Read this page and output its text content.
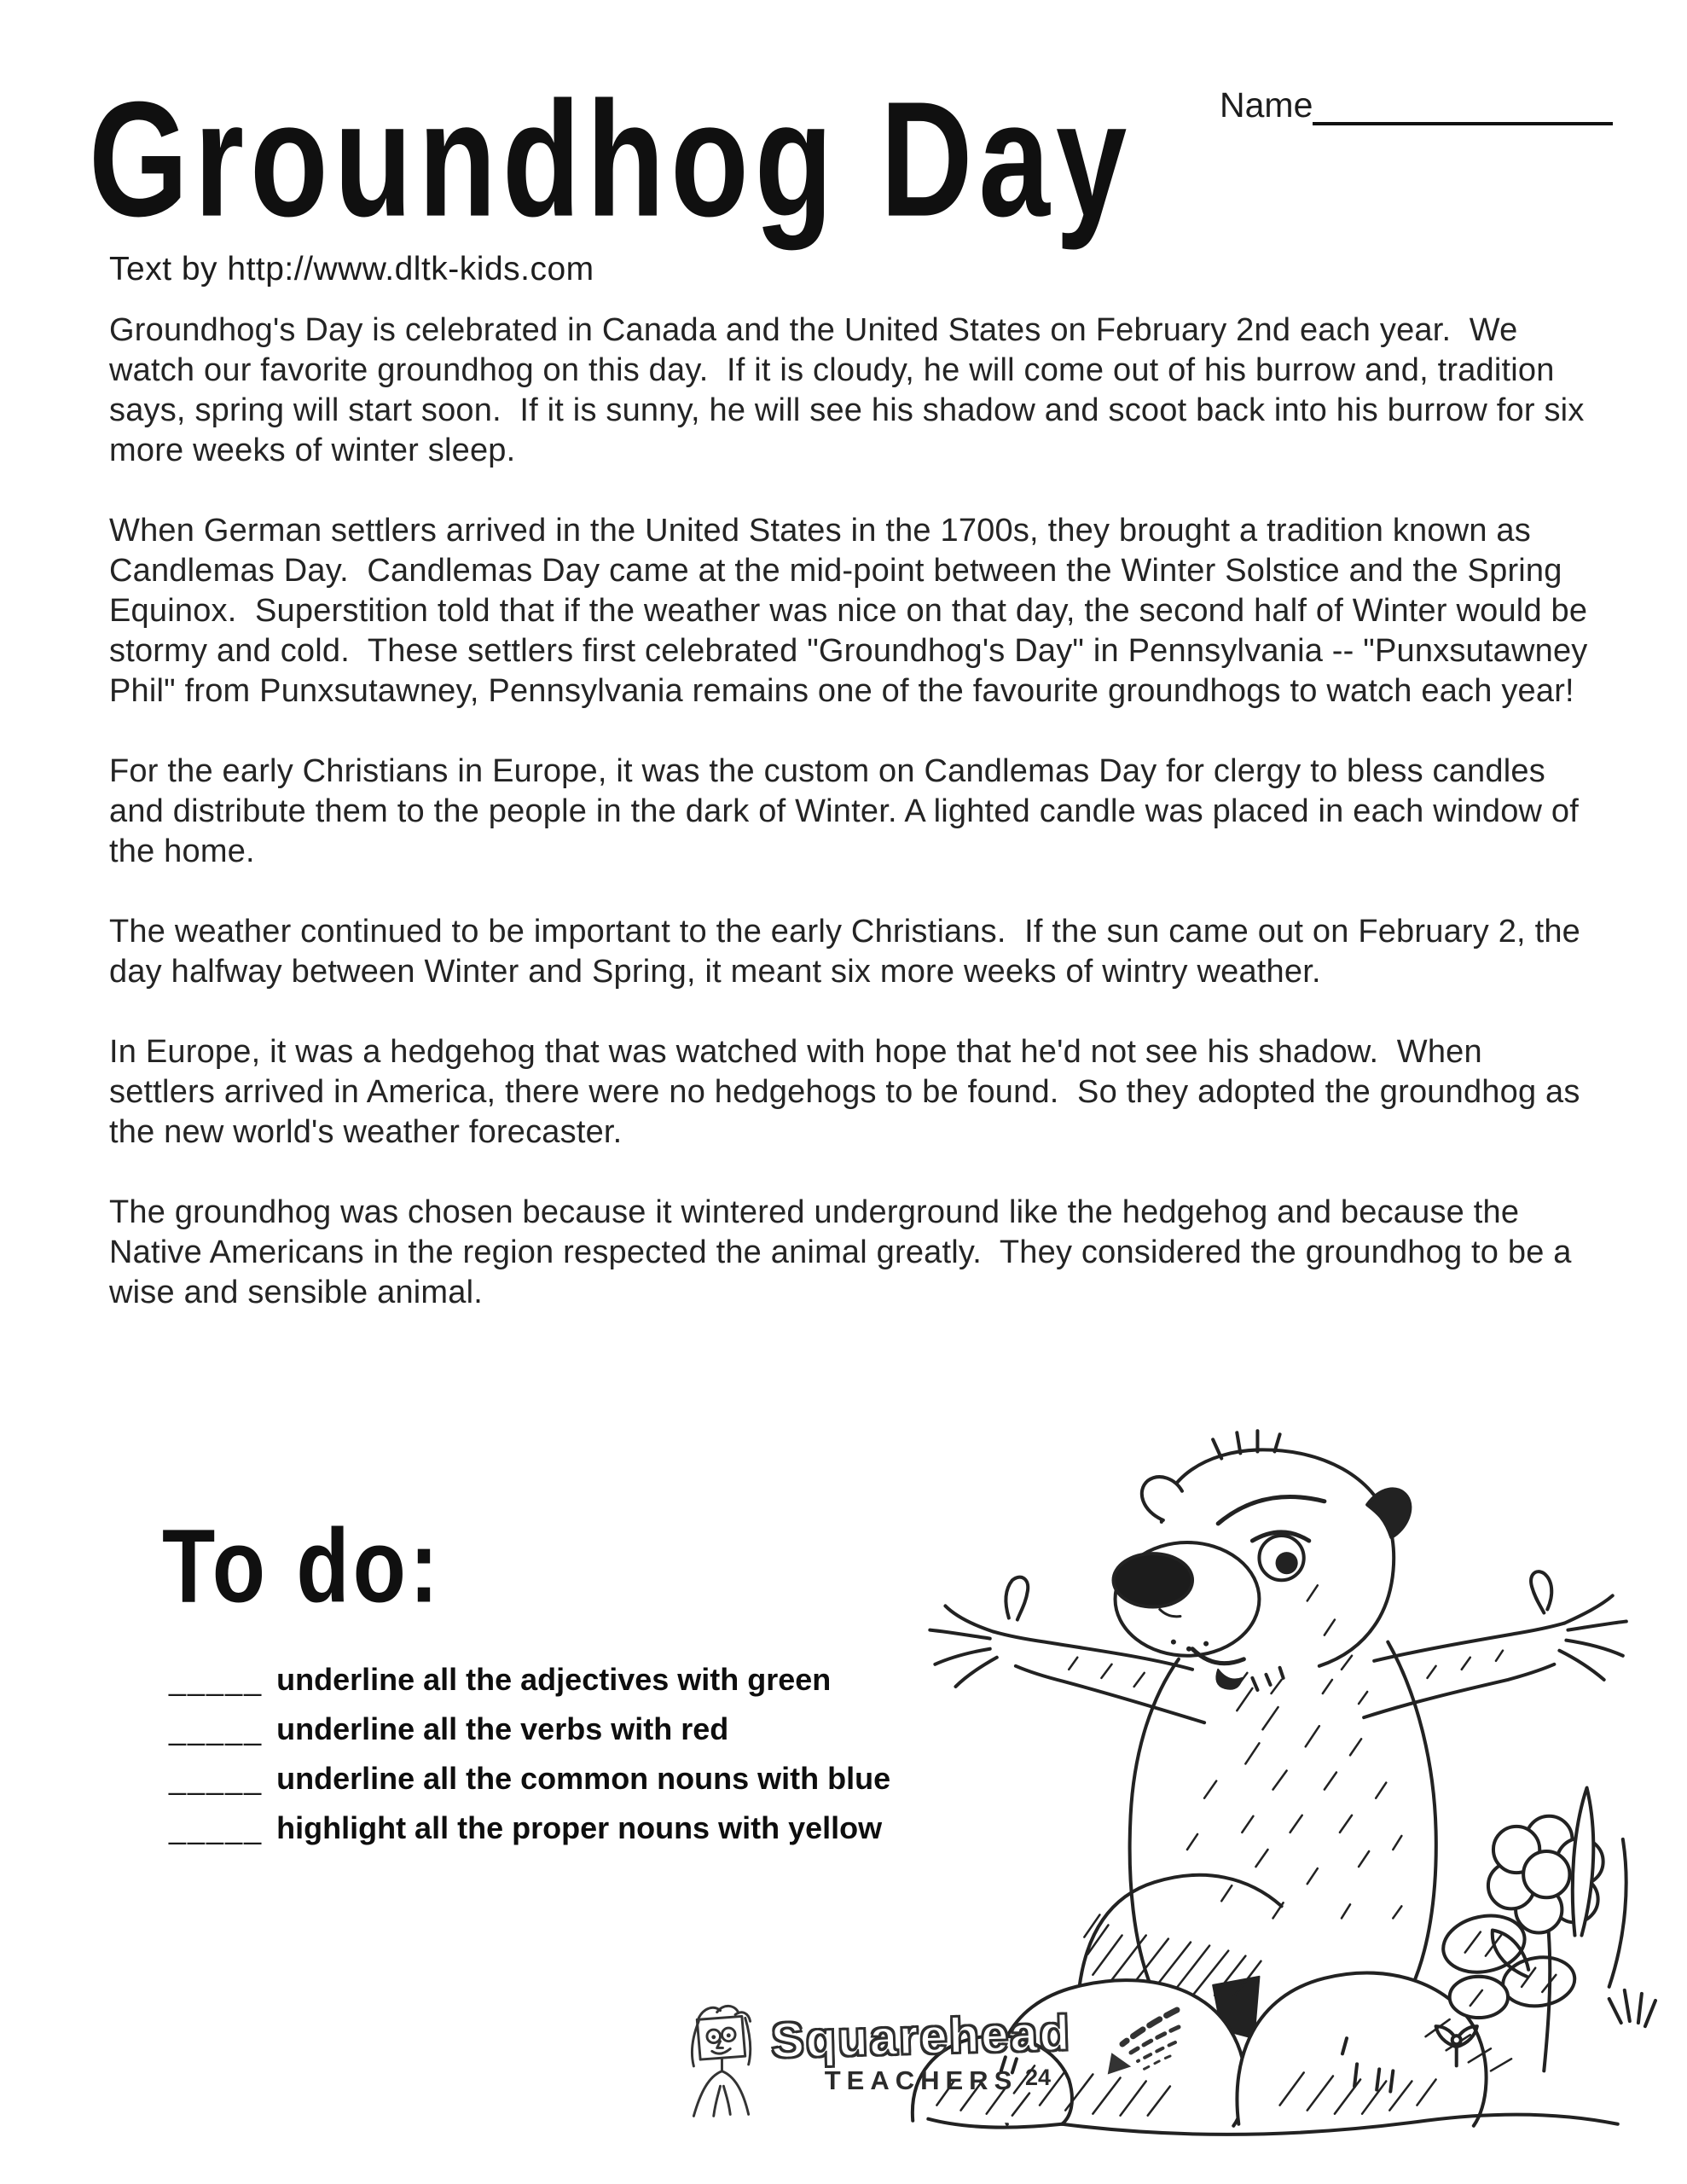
Name
Groundhog Day
Text by http://www.dltk-kids.com

Groundhog's Day is celebrated in Canada and the United States on February 2nd each year.  We watch our favorite groundhog on this day.  If it is cloudy, he will come out of his burrow and, tradition says, spring will start soon.  If it is sunny, he will see his shadow and scoot back into his burrow for six more weeks of winter sleep.

When German settlers arrived in the United States in the 1700s, they brought a tradition known as Candlemas Day.  Candlemas Day came at the mid-point between the Winter Solstice and the Spring Equinox.  Superstition told that if the weather was nice on that day, the second half of Winter would be stormy and cold.  These settlers first celebrated "Groundhog's Day" in Pennsylvania -- "Punxsutawney Phil" from Punxsutawney, Pennsylvania remains one of the favourite groundhogs to watch each year!

For the early Christians in Europe, it was the custom on Candlemas Day for clergy to bless candles and distribute them to the people in the dark of Winter. A lighted candle was placed in each window of the home.

The weather continued to be important to the early Christians.  If the sun came out on February 2, the day halfway between Winter and Spring, it meant six more weeks of wintry weather.

In Europe, it was a hedgehog that was watched with hope that he'd not see his shadow.  When settlers arrived in America, there were no hedgehogs to be found.  So they adopted the groundhog as the new world's weather forecaster.

The groundhog was chosen because it wintered underground like the hedgehog and because the Native Americans in the region respected the animal greatly.  They considered the groundhog to be a wise and sensible animal.

To do:
_____ underline all the adjectives with green
_____ underline all the verbs with red
_____ underline all the common nouns with blue
_____ highlight all the proper nouns with yellow
24
Squarehead
TEACHERS
